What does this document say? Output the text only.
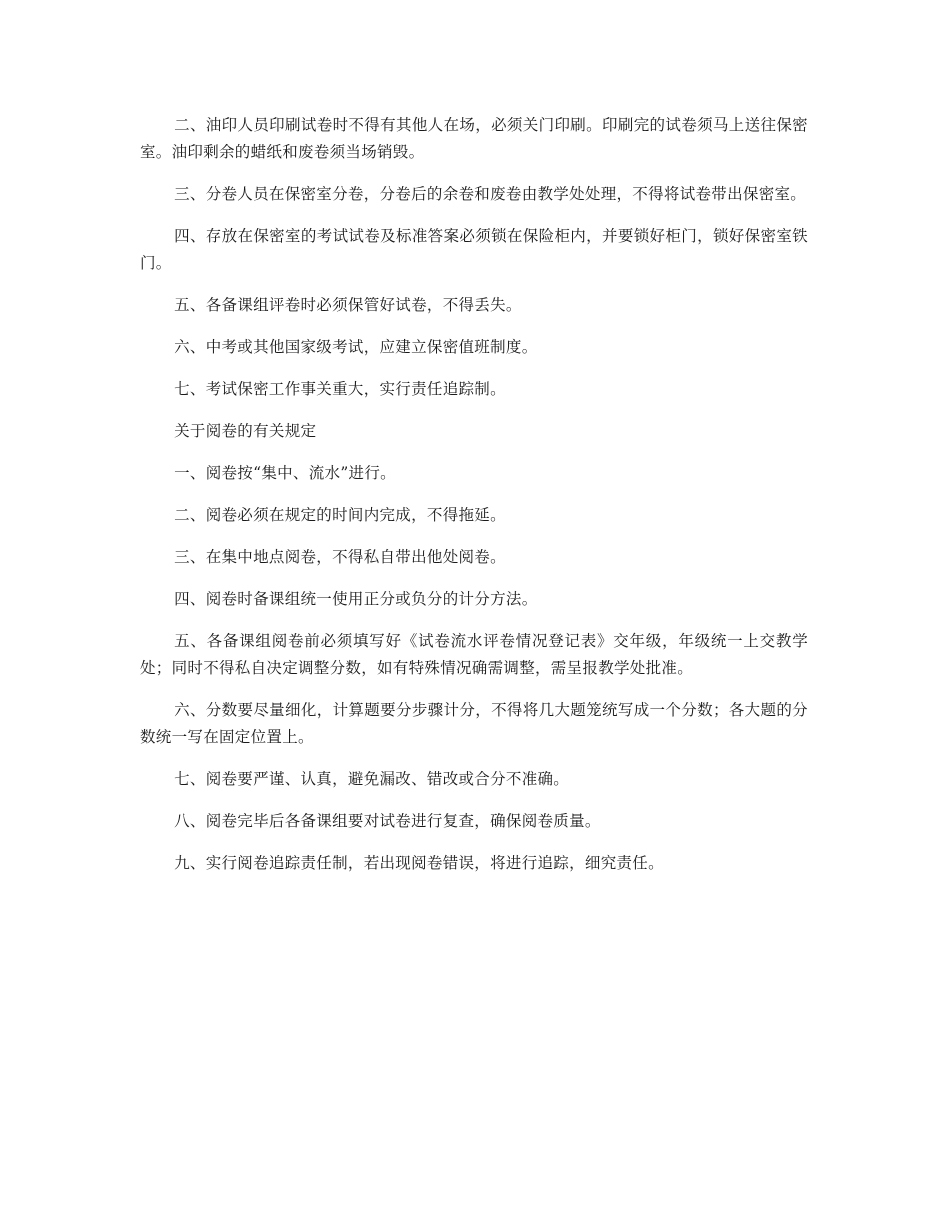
二、油印人员印刷试卷时不得有其他人在场，必须关门印刷。印刷完的试卷须马上送往保密室。油印剩余的蜡纸和废卷须当场销毁。

三、分卷人员在保密室分卷，分卷后的余卷和废卷由教学处处理，不得将试卷带出保密室。

四、存放在保密室的考试试卷及标准答案必须锁在保险柜内，并要锁好柜门，锁好保密室铁门。

五、各备课组评卷时必须保管好试卷，不得丢失。

六、中考或其他国家级考试，应建立保密值班制度。

七、考试保密工作事关重大，实行责任追踪制。

关于阅卷的有关规定

一、阅卷按“集中、流水”进行。

二、阅卷必须在规定的时间内完成，不得拖延。

三、在集中地点阅卷，不得私自带出他处阅卷。

四、阅卷时备课组统一使用正分或负分的计分方法。

五、各备课组阅卷前必须填写好《试卷流水评卷情况登记表》交年级，年级统一上交教学处；同时不得私自决定调整分数，如有特殊情况确需调整，需呈报教学处批准。

六、分数要尽量细化，计算题要分步骤计分，不得将几大题笼统写成一个分数；各大题的分数统一写在固定位置上。

七、阅卷要严谨、认真，避免漏改、错改或合分不准确。

八、阅卷完毕后各备课组要对试卷进行复查，确保阅卷质量。

九、实行阅卷追踪责任制，若出现阅卷错误，将进行追踪，细究责任。
